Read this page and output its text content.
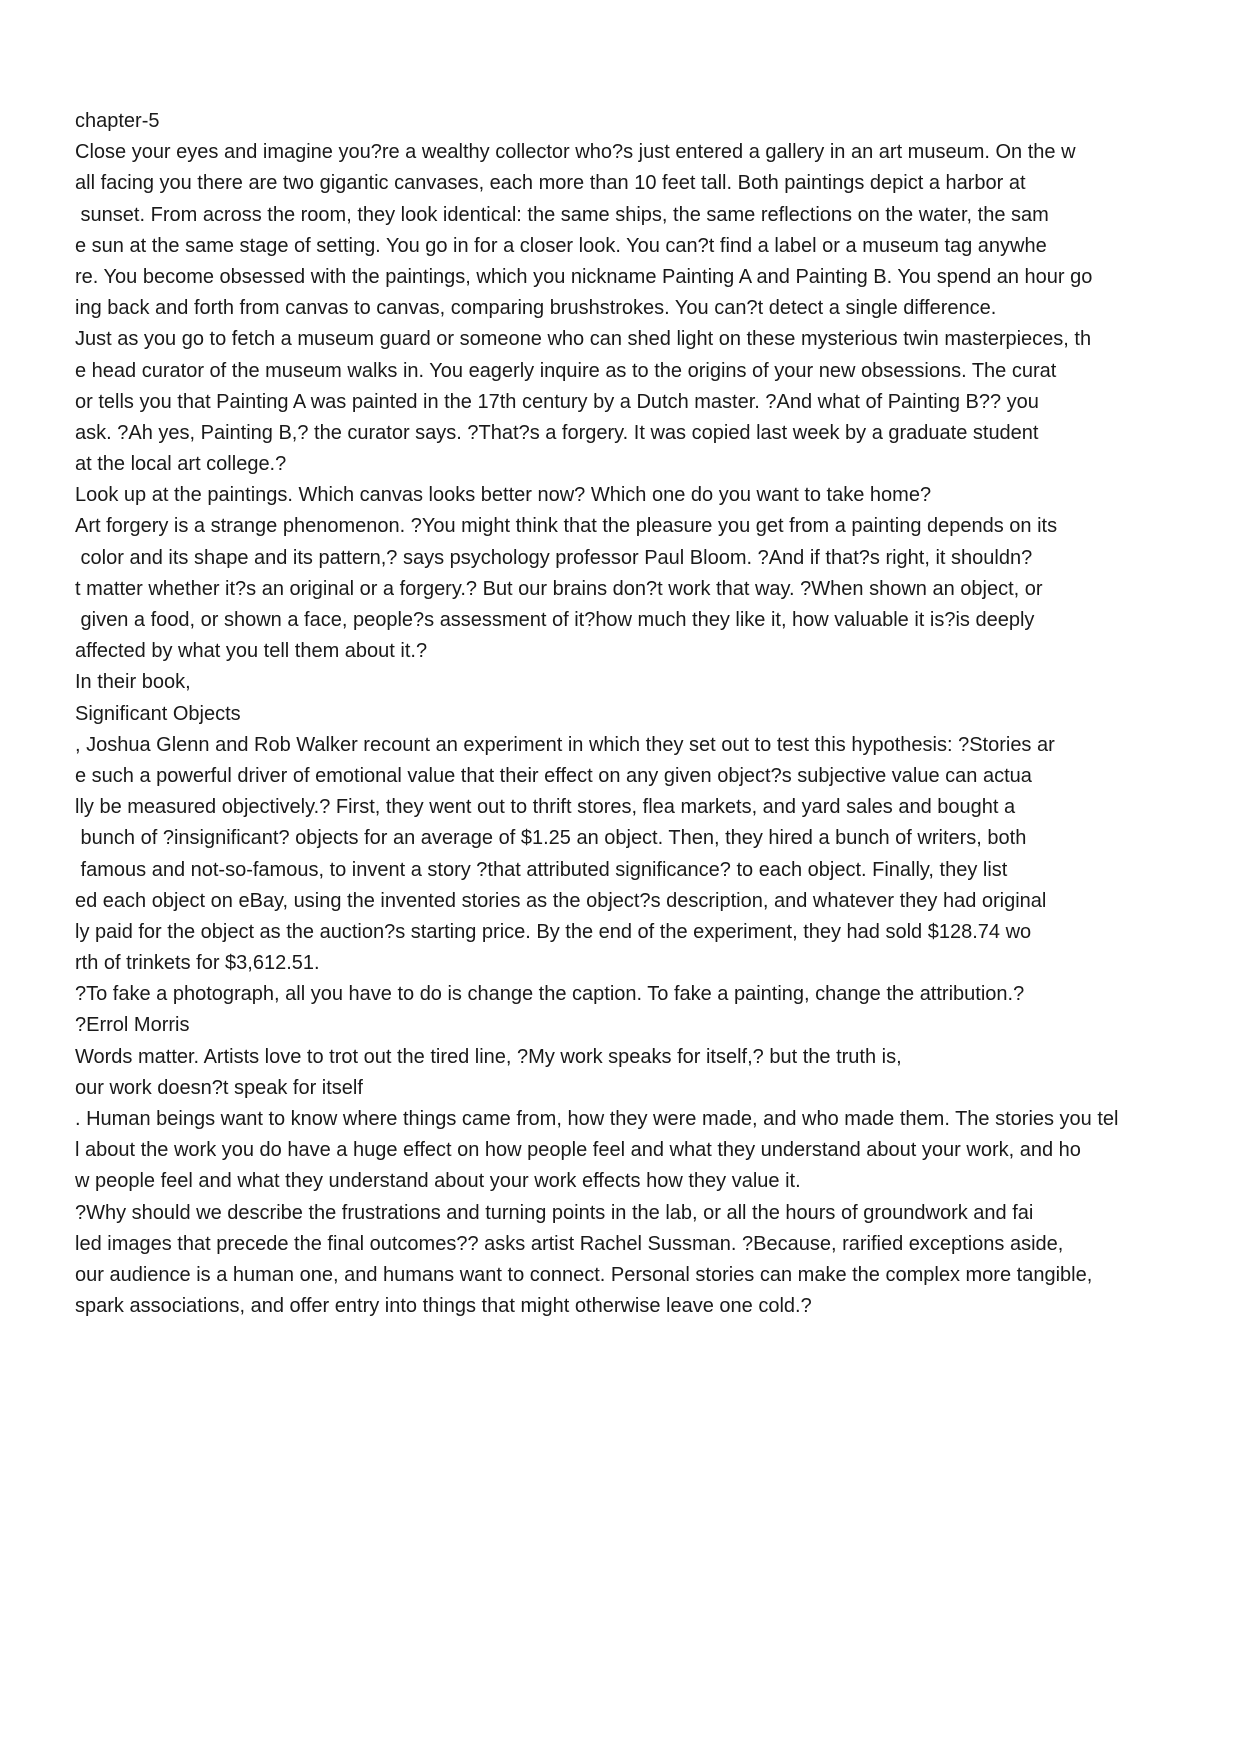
chapter-5
Close your eyes and imagine you?re a wealthy collector who?s just entered a gallery in an art museum. On the w
all facing you there are two gigantic canvases, each more than 10 feet tall. Both paintings depict a harbor at
sunset. From across the room, they look identical: the same ships, the same reflections on the water, the sam
e sun at the same stage of setting. You go in for a closer look. You can?t find a label or a museum tag anywhe
re. You become obsessed with the paintings, which you nickname Painting A and Painting B. You spend an hour go
ing back and forth from canvas to canvas, comparing brushstrokes. You can?t detect a single difference.
Just as you go to fetch a museum guard or someone who can shed light on these mysterious twin masterpieces, th
e head curator of the museum walks in. You eagerly inquire as to the origins of your new obsessions. The curat
or tells you that Painting A was painted in the 17th century by a Dutch master. ?And what of Painting B?? you
ask. ?Ah yes, Painting B,? the curator says. ?That?s a forgery. It was copied last week by a graduate student
at the local art college.?
Look up at the paintings. Which canvas looks better now? Which one do you want to take home?
Art forgery is a strange phenomenon. ?You might think that the pleasure you get from a painting depends on its
color and its shape and its pattern,? says psychology professor Paul Bloom. ?And if that?s right, it shouldn?
t matter whether it?s an original or a forgery.? But our brains don?t work that way. ?When shown an object, or
given a food, or shown a face, people?s assessment of it?how much they like it, how valuable it is?is deeply
affected by what you tell them about it.?
In their book,
Significant Objects
, Joshua Glenn and Rob Walker recount an experiment in which they set out to test this hypothesis: ?Stories ar
e such a powerful driver of emotional value that their effect on any given object?s subjective value can actua
lly be measured objectively.? First, they went out to thrift stores, flea markets, and yard sales and bought a
bunch of ?insignificant? objects for an average of $1.25 an object. Then, they hired a bunch of writers, both
famous and not-so-famous, to invent a story ?that attributed significance? to each object. Finally, they list
ed each object on eBay, using the invented stories as the object?s description, and whatever they had original
ly paid for the object as the auction?s starting price. By the end of the experiment, they had sold $128.74 wo
rth of trinkets for $3,612.51.
?To fake a photograph, all you have to do is change the caption. To fake a painting, change the attribution.?
?Errol Morris
Words matter. Artists love to trot out the tired line, ?My work speaks for itself,? but the truth is,
our work doesn?t speak for itself
. Human beings want to know where things came from, how they were made, and who made them. The stories you tel
l about the work you do have a huge effect on how people feel and what they understand about your work, and ho
w people feel and what they understand about your work effects how they value it.
?Why should we describe the frustrations and turning points in the lab, or all the hours of groundwork and fai
led images that precede the final outcomes?? asks artist Rachel Sussman. ?Because, rarified exceptions aside,
our audience is a human one, and humans want to connect. Personal stories can make the complex more tangible,
spark associations, and offer entry into things that might otherwise leave one cold.?
